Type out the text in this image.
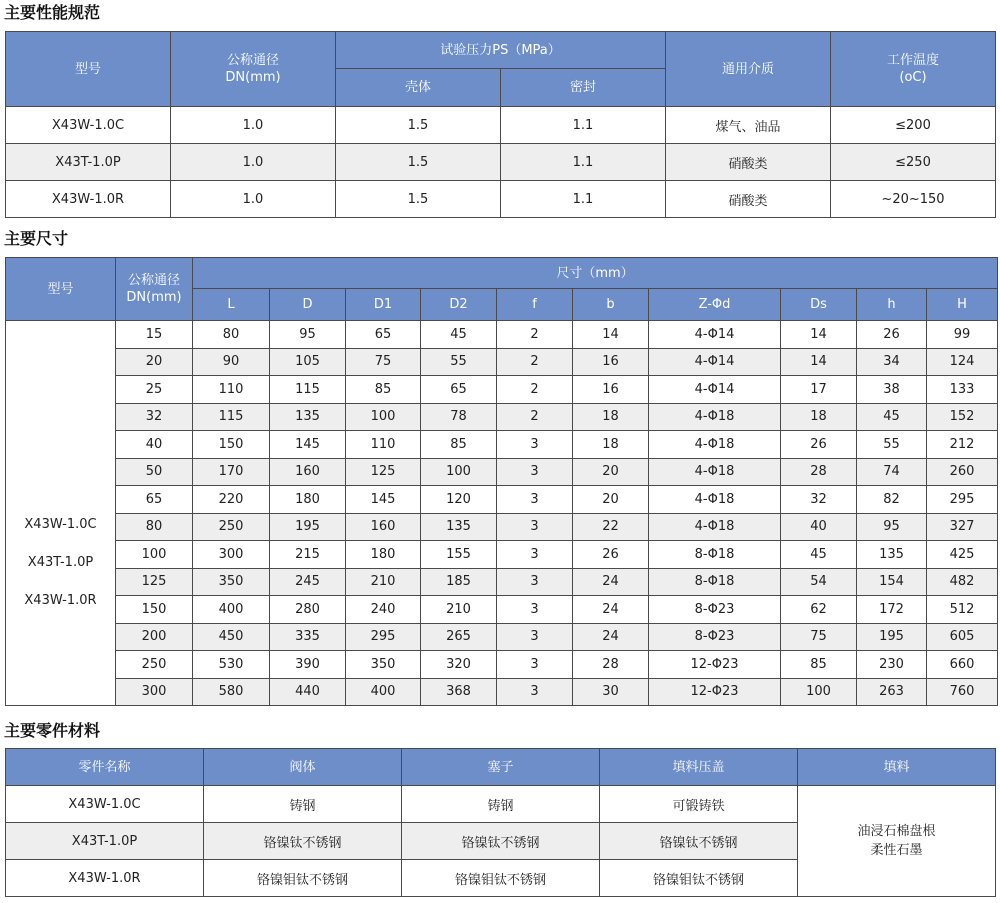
主要性能规范
型号	公称通径
DN(mm)	试验压力PS（MPa）		通用介质	工作温度
(oC)

		壳体	密封		
X43W-1.0C	1.0	1.5	1.1	煤气、油品	≤200
X43T-1.0P	1.0	1.5	1.1	硝酸类	≤250
X43W-1.0R	1.0	1.5	1.1	硝酸类	~20~150
主要尺寸
型号	公称通径
DN(mm)	尺寸（mm）									
		L	D	D1	D2	f	b	Z-Φd	Ds	h	H

X43W-1.0C
X43T-1.0P
X43W-1.0R	15	80	95	65	45	2	14	4-Φ14	14	26	99
	20	90	105	75	55	2	16	4-Φ14	14	34	124
	25	110	115	85	65	2	16	4-Φ14	17	38	133
	32	115	135	100	78	2	18	4-Φ18	18	45	152
	40	150	145	110	85	3	18	4-Φ18	26	55	212
	50	170	160	125	100	3	20	4-Φ18	28	74	260
	65	220	180	145	120	3	20	4-Φ18	32	82	295
	80	250	195	160	135	3	22	4-Φ18	40	95	327
	100	300	215	180	155	3	26	8-Φ18	45	135	425
	125	350	245	210	185	3	24	8-Φ18	54	154	482
	150	400	280	240	210	3	24	8-Φ23	62	172	512
	200	450	335	295	265	3	24	8-Φ23	75	195	605
	250	530	390	350	320	3	28	12-Φ23	85	230	660
	300	580	440	400	368	3	30	12-Φ23	100	263	760
主要零件材料
零件名称	阀体	塞子	填料压盖	填料
X43W-1.0C	铸钢	铸钢	可锻铸铁	油浸石棉盘根
柔性石墨

X43T-1.0P	铬镍钛不锈钢	铬镍钛不锈钢	铬镍钛不锈钢	
X43W-1.0R	铬镍钼钛不锈钢	铬镍钼钛不锈钢	铬镍钼钛不锈钢	
